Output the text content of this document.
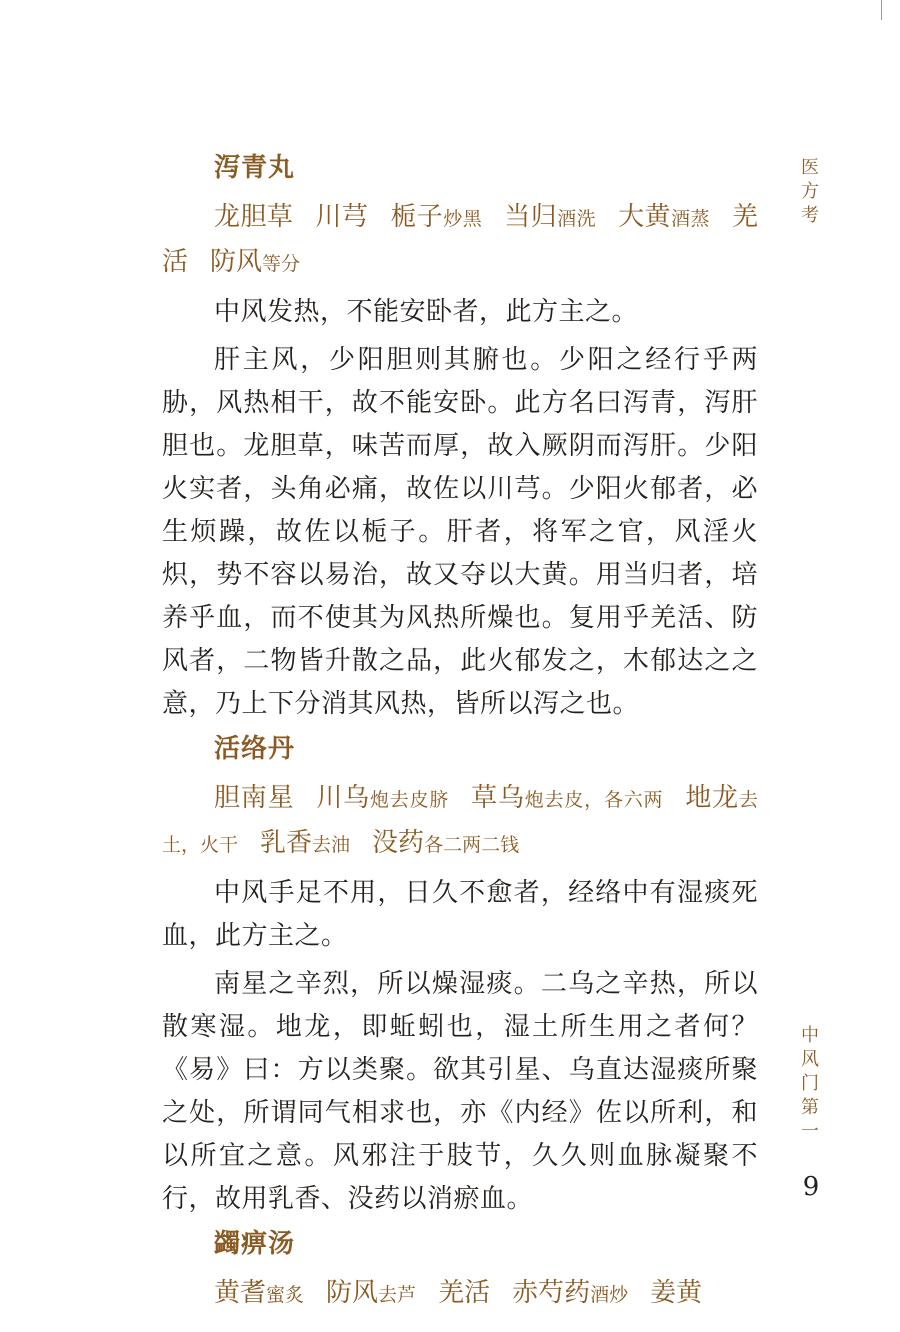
医
方
考
中
风
门
第
一
9
泻青丸

龙胆草 川芎 栀子炒黑 当归酒洗 大黄酒蒸 羌活 防风等分

中风发热，不能安卧者，此方主之。

肝主风，少阳胆则其腑也。少阳之经行乎两胁，风热相干，故不能安卧。此方名曰泻青，泻肝胆也。龙胆草，味苦而厚，故入厥阴而泻肝。少阳火实者，头角必痛，故佐以川芎。少阳火郁者，必生烦躁，故佐以栀子。肝者，将军之官，风淫火炽，势不容以易治，故又夺以大黄。用当归者，培养乎血，而不使其为风热所燥也。复用乎羌活、防风者，二物皆升散之品，此火郁发之，木郁达之之意，乃上下分消其风热，皆所以泻之也。

活络丹

胆南星 川乌炮去皮脐 草乌炮去皮，各六两 地龙去土，火干 乳香去油 没药各二两二钱

中风手足不用，日久不愈者，经络中有湿痰死血，此方主之。

南星之辛烈，所以燥湿痰。二乌之辛热，所以散寒湿。地龙，即蚯蚓也，湿土所生用之者何？《易》曰：方以类聚。欲其引星、乌直达湿痰所聚之处，所谓同气相求也，亦《内经》佐以所利，和以所宜之意。风邪注于肢节，久久则血脉凝聚不行，故用乳香、没药以消瘀血。

蠲痹汤

黄耆蜜炙 防风去芦 羌活 赤芍药酒炒 姜黄
